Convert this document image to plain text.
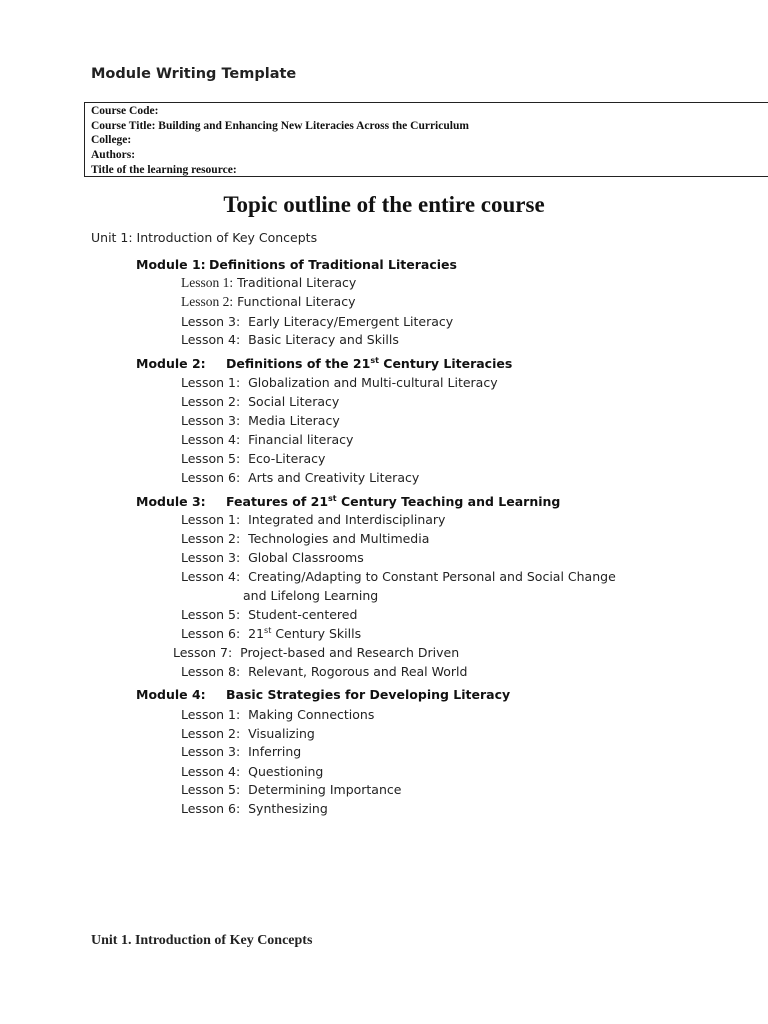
Module Writing Template
Course Code:
Course Title: Building and Enhancing New Literacies Across the Curriculum
College:
Authors:
Title of the learning resource:
Topic outline of the entire course
Unit 1: Introduction of Key Concepts
Module 1: Definitions of Traditional Literacies
Lesson 1: Traditional Literacy
Lesson 2: Functional Literacy
Lesson 3: Early Literacy/Emergent Literacy
Lesson 4: Basic Literacy and Skills
Module 2: Definitions of the 21st Century Literacies
Lesson 1: Globalization and Multi-cultural Literacy
Lesson 2: Social Literacy
Lesson 3: Media Literacy
Lesson 4: Financial literacy
Lesson 5: Eco-Literacy
Lesson 6: Arts and Creativity Literacy
Module 3: Features of 21st Century Teaching and Learning
Lesson 1: Integrated and Interdisciplinary
Lesson 2: Technologies and Multimedia
Lesson 3: Global Classrooms
Lesson 4: Creating/Adapting to Constant Personal and Social Change
and Lifelong Learning
Lesson 5: Student-centered
Lesson 6: 21st Century Skills
Lesson 7: Project-based and Research Driven
Lesson 8: Relevant, Rogorous and Real World
Module 4: Basic Strategies for Developing Literacy
Lesson 1: Making Connections
Lesson 2: Visualizing
Lesson 3: Inferring
Lesson 4: Questioning
Lesson 5: Determining Importance
Lesson 6: Synthesizing
Unit 1. Introduction of Key Concepts
